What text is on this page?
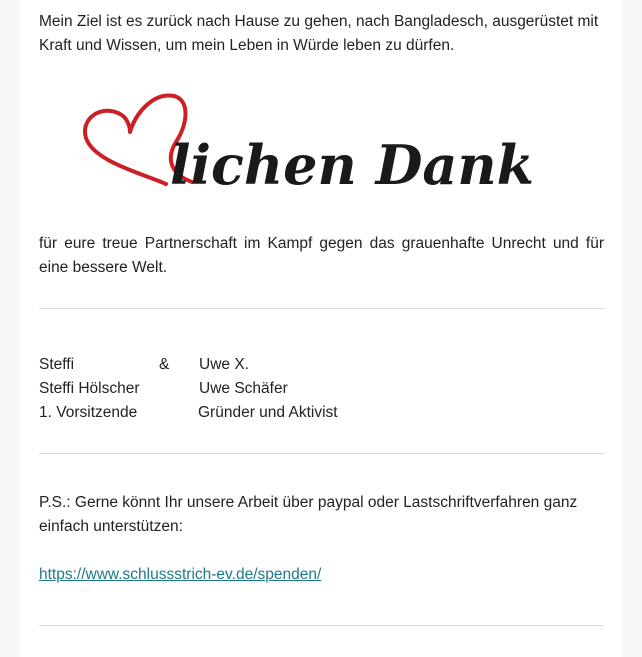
Mein Ziel ist es zurück nach Hause zu gehen, nach Bangladesch, ausgerüstet mit Kraft und Wissen, um mein Leben in Würde leben zu dürfen.

lichen Dank

für eure treue Partnerschaft im Kampf gegen das grauenhafte Unrecht und für eine bessere Welt.

Steffi	& Uwe X.
Steffi Hölscher	Uwe Schäfer
1. Vorsitzende	Gründer und Aktivist

P.S.: Gerne könnt Ihr unsere Arbeit über paypal oder Lastschriftverfahren ganz einfach unterstützen:

https://www.schlussstrich-ev.de/spenden/
